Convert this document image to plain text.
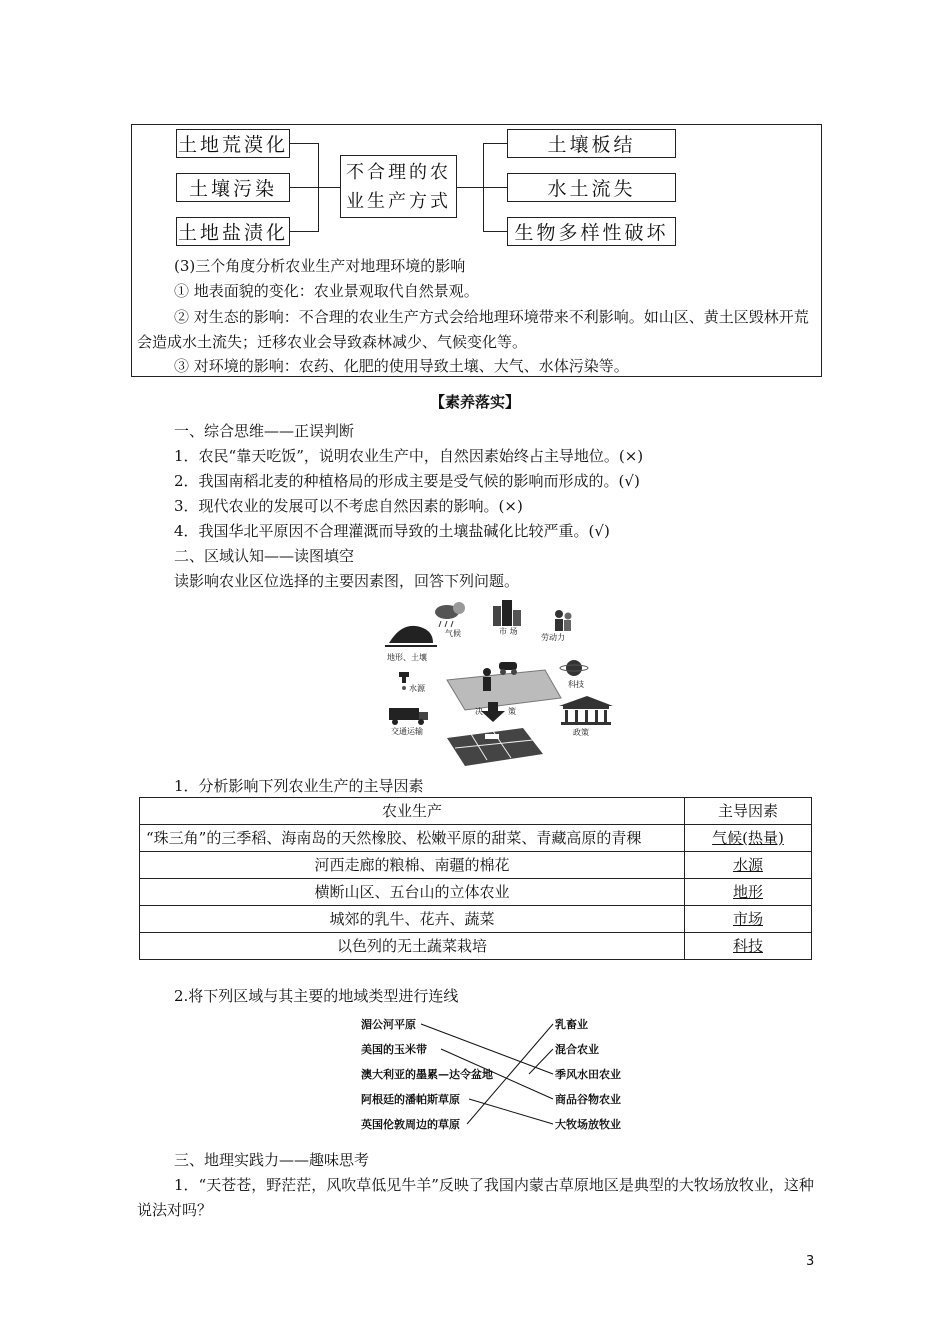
土地荒漠化
土壤污染
土地盐渍化
不合理的农
业生产方式
土壤板结
水土流失
生物多样性破坏
(3)三个角度分析农业生产对地理环境的影响
① 地表面貌的变化：农业景观取代自然景观。
② 对生态的影响：不合理的农业生产方式会给地理环境带来不利影响。如山区、黄土区毁林开荒会造成水土流失；迁移农业会导致森林减少、气候变化等。
③ 对环境的影响：农药、化肥的使用导致土壤、大气、水体污染等。
【素养落实】
一、综合思维——正误判断
1．农民“靠天吃饭”，说明农业生产中，自然因素始终占主导地位。(×)
2．我国南稻北麦的种植格局的形成主要是受气候的影响而形成的。(√)
3．现代农业的发展可以不考虑自然因素的影响。(×)
4．我国华北平原因不合理灌溉而导致的土壤盐碱化比较严重。(√)
二、区域认知——读图填空
读影响农业区位选择的主要因素图，回答下列问题。
地形、土壤
气候	市 场
劳动力
水源	科技
决	策
交通运输	政策
1．分析影响下列农业生产的主导因素
农业生产	主导因素
“珠三角”的三季稻、海南岛的天然橡胶、松嫩平原的甜菜、青藏高原的青稞	气候(热量)
河西走廊的粮棉、南疆的棉花	水源
横断山区、五台山的立体农业	地形
城郊的乳牛、花卉、蔬菜	市场
以色列的无土蔬菜栽培	科技
2.将下列区域与其主要的地域类型进行连线
湄公河平原
美国的玉米带
澳大利亚的墨累—达令盆地
阿根廷的潘帕斯草原
英国伦敦周边的草原
乳畜业
混合农业
季风水田农业
商品谷物农业
大牧场放牧业
三、地理实践力——趣味思考
1．“天苍苍，野茫茫，风吹草低见牛羊”反映了我国内蒙古草原地区是典型的大牧场放牧业，这种说法对吗？
3
